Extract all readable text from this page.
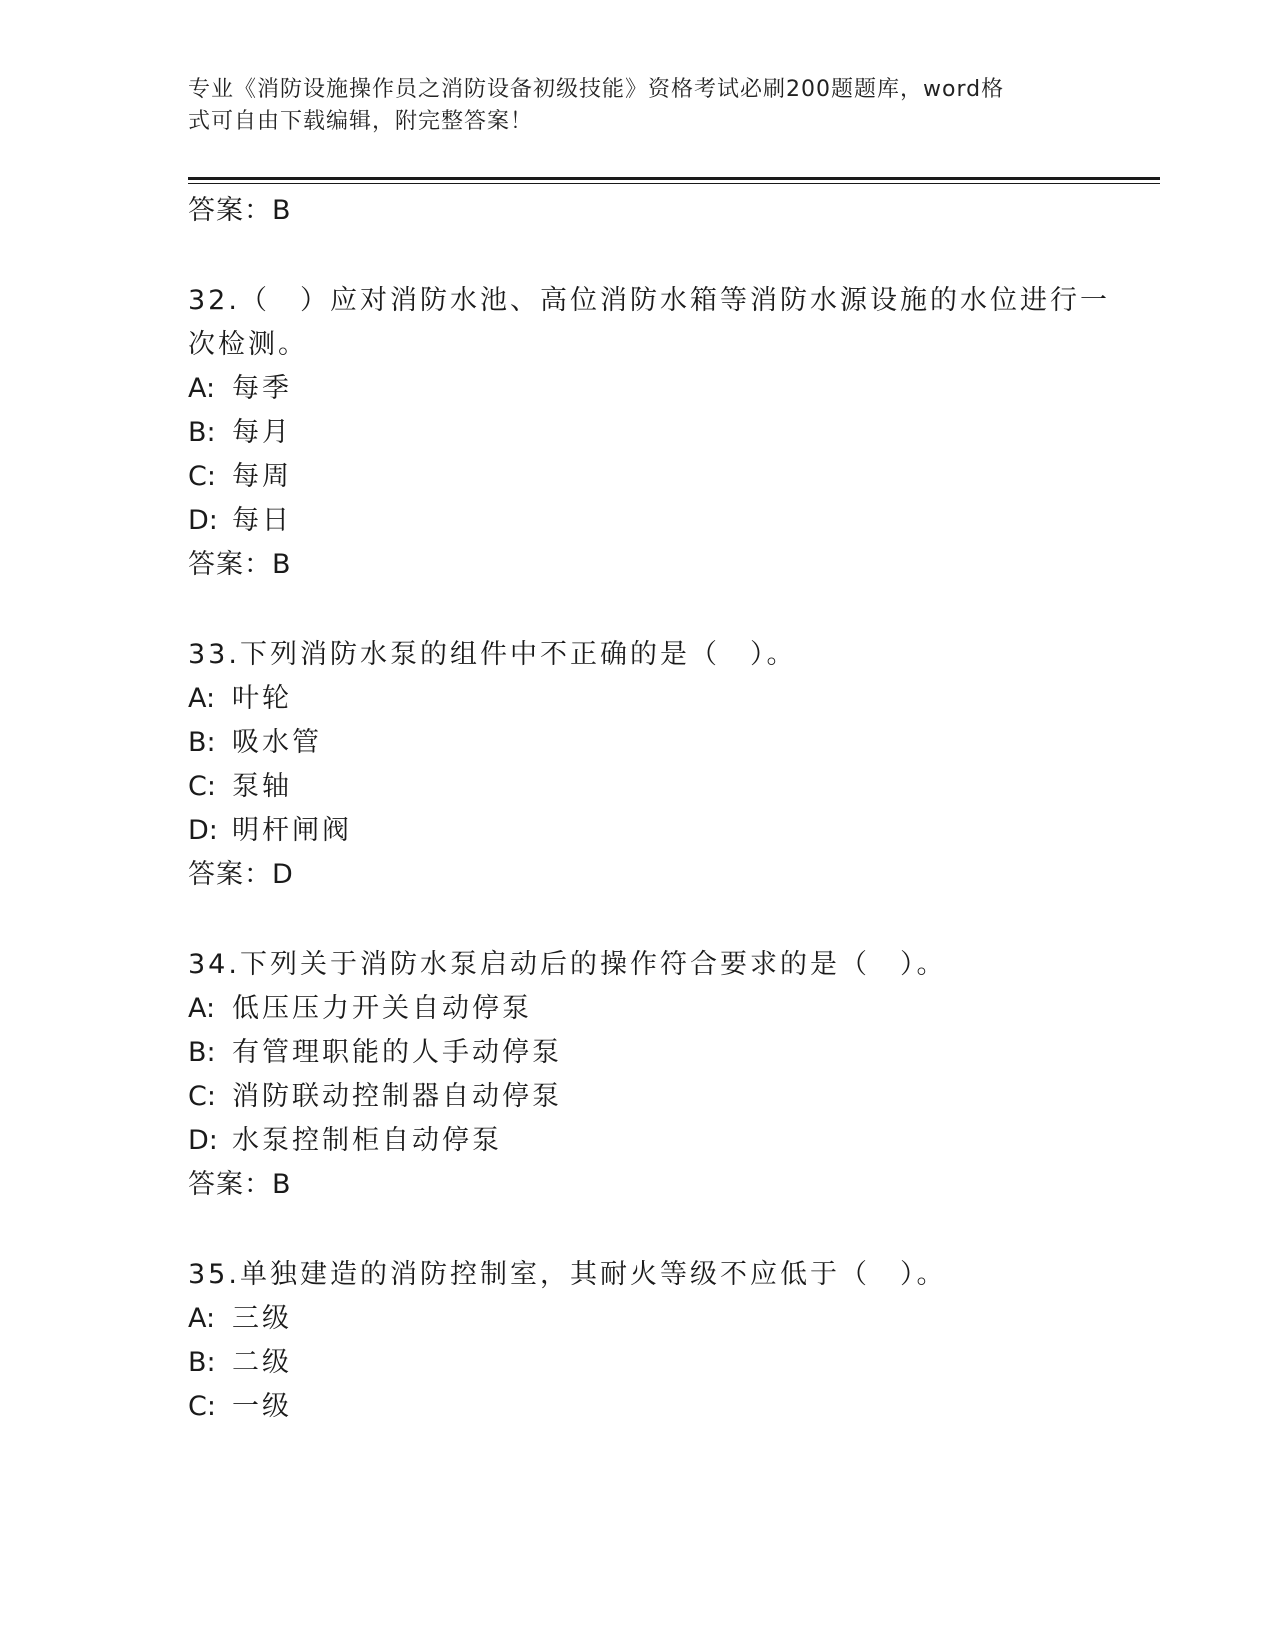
专业《消防设施操作员之消防设备初级技能》资格考试必刷200题题库，word格
式可自由下载编辑，附完整答案！
答案：B
32.（　）应对消防水池、高位消防水箱等消防水源设施的水位进行一
次检测。
A: 每季
B: 每月
C: 每周
D: 每日
答案：B
33.下列消防水泵的组件中不正确的是（　）。
A: 叶轮
B: 吸水管
C: 泵轴
D: 明杆闸阀
答案：D
34.下列关于消防水泵启动后的操作符合要求的是（　）。
A: 低压压力开关自动停泵
B: 有管理职能的人手动停泵
C: 消防联动控制器自动停泵
D: 水泵控制柜自动停泵
答案：B
35.单独建造的消防控制室，其耐火等级不应低于（　）。
A: 三级
B: 二级
C: 一级
